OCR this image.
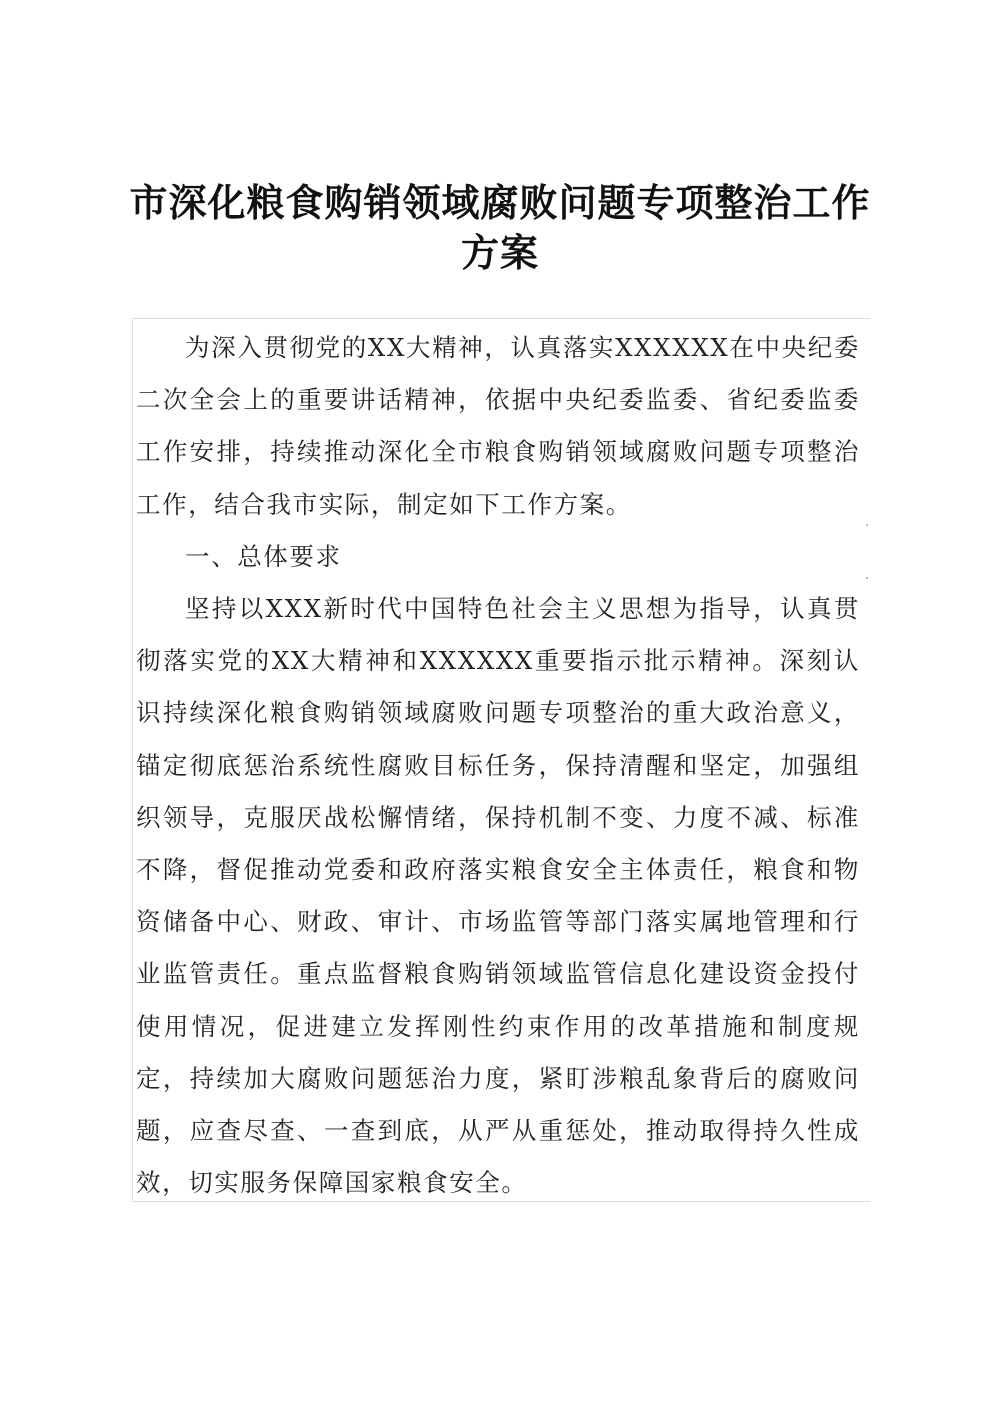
市深化粮食购销领域腐败问题专项整治工作方案

为深入贯彻党的XX大精神，认真落实XXXXXX在中央纪委二次全会上的重要讲话精神，依据中央纪委监委、省纪委监委工作安排，持续推动深化全市粮食购销领域腐败问题专项整治工作，结合我市实际，制定如下工作方案。

一、总体要求

坚持以XXX新时代中国特色社会主义思想为指导，认真贯彻落实党的XX大精神和XXXXXX重要指示批示精神。深刻认识持续深化粮食购销领域腐败问题专项整治的重大政治意义，锚定彻底惩治系统性腐败目标任务，保持清醒和坚定，加强组织领导，克服厌战松懈情绪，保持机制不变、力度不减、标准不降，督促推动党委和政府落实粮食安全主体责任，粮食和物资储备中心、财政、审计、市场监管等部门落实属地管理和行业监管责任。重点监督粮食购销领域监管信息化建设资金投付使用情况，促进建立发挥刚性约束作用的改革措施和制度规定，持续加大腐败问题惩治力度，紧盯涉粮乱象背后的腐败问题，应查尽查、一查到底，从严从重惩处，推动取得持久性成效，切实服务保障国家粮食安全。
